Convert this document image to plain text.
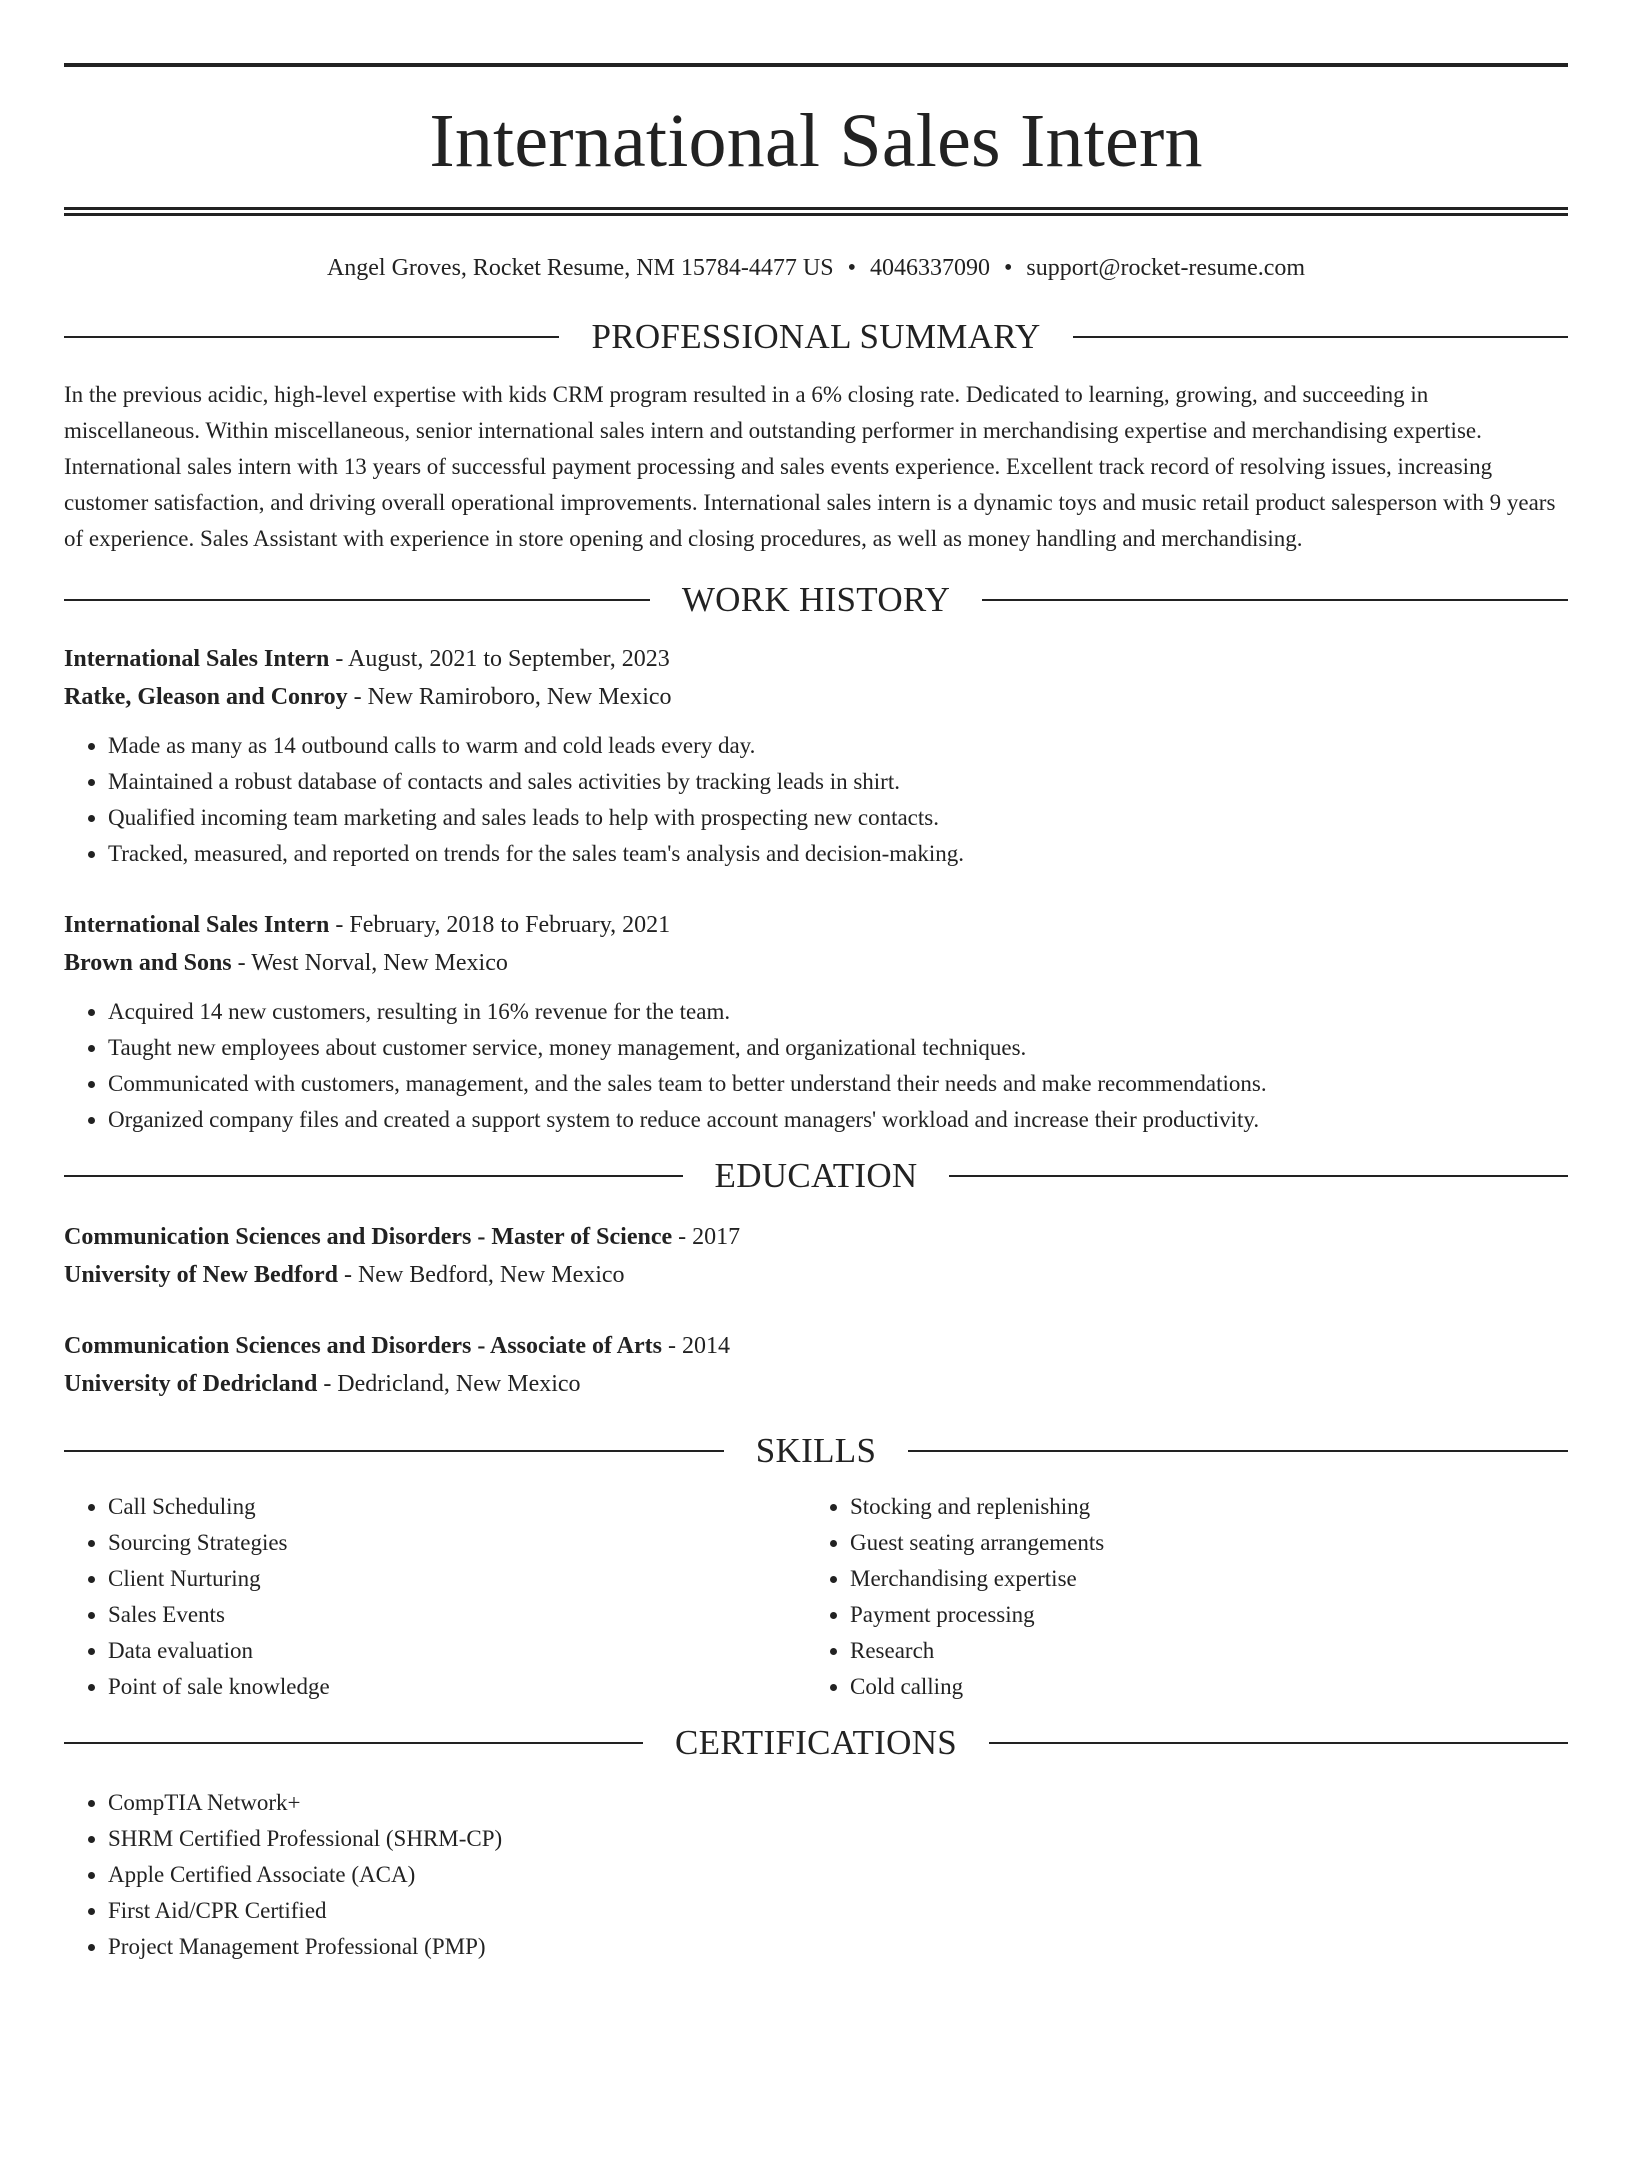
International Sales Intern
Angel Groves, Rocket Resume, NM 15784-4477 US • 4046337090 • support@rocket-resume.com
PROFESSIONAL SUMMARY

In the previous acidic, high-level expertise with kids CRM program resulted in a 6% closing rate. Dedicated to learning, growing, and succeeding in miscellaneous. Within miscellaneous, senior international sales intern and outstanding performer in merchandising expertise and merchandising expertise. International sales intern with 13 years of successful payment processing and sales events experience. Excellent track record of resolving issues, increasing customer satisfaction, and driving overall operational improvements. International sales intern is a dynamic toys and music retail product salesperson with 9 years of experience. Sales Assistant with experience in store opening and closing procedures, as well as money handling and merchandising.

WORK HISTORY
International Sales Intern - August, 2021 to September, 2023
Ratke, Gleason and Conroy - New Ramiroboro, New Mexico
• Made as many as 14 outbound calls to warm and cold leads every day.
• Maintained a robust database of contacts and sales activities by tracking leads in shirt.
• Qualified incoming team marketing and sales leads to help with prospecting new contacts.
• Tracked, measured, and reported on trends for the sales team's analysis and decision-making.
International Sales Intern - February, 2018 to February, 2021
Brown and Sons - West Norval, New Mexico
• Acquired 14 new customers, resulting in 16% revenue for the team.
• Taught new employees about customer service, money management, and organizational techniques.
• Communicated with customers, management, and the sales team to better understand their needs and make recommendations.
• Organized company files and created a support system to reduce account managers' workload and increase their productivity.
EDUCATION
Communication Sciences and Disorders - Master of Science - 2017
University of New Bedford - New Bedford, New Mexico
Communication Sciences and Disorders - Associate of Arts - 2014
University of Dedricland - Dedricland, New Mexico
SKILLS
• Call Scheduling
• Sourcing Strategies
• Client Nurturing
• Sales Events
• Data evaluation
• Point of sale knowledge
• Stocking and replenishing
• Guest seating arrangements
• Merchandising expertise
• Payment processing
• Research
• Cold calling
CERTIFICATIONS
• CompTIA Network+
• SHRM Certified Professional (SHRM-CP)
• Apple Certified Associate (ACA)
• First Aid/CPR Certified
• Project Management Professional (PMP)
